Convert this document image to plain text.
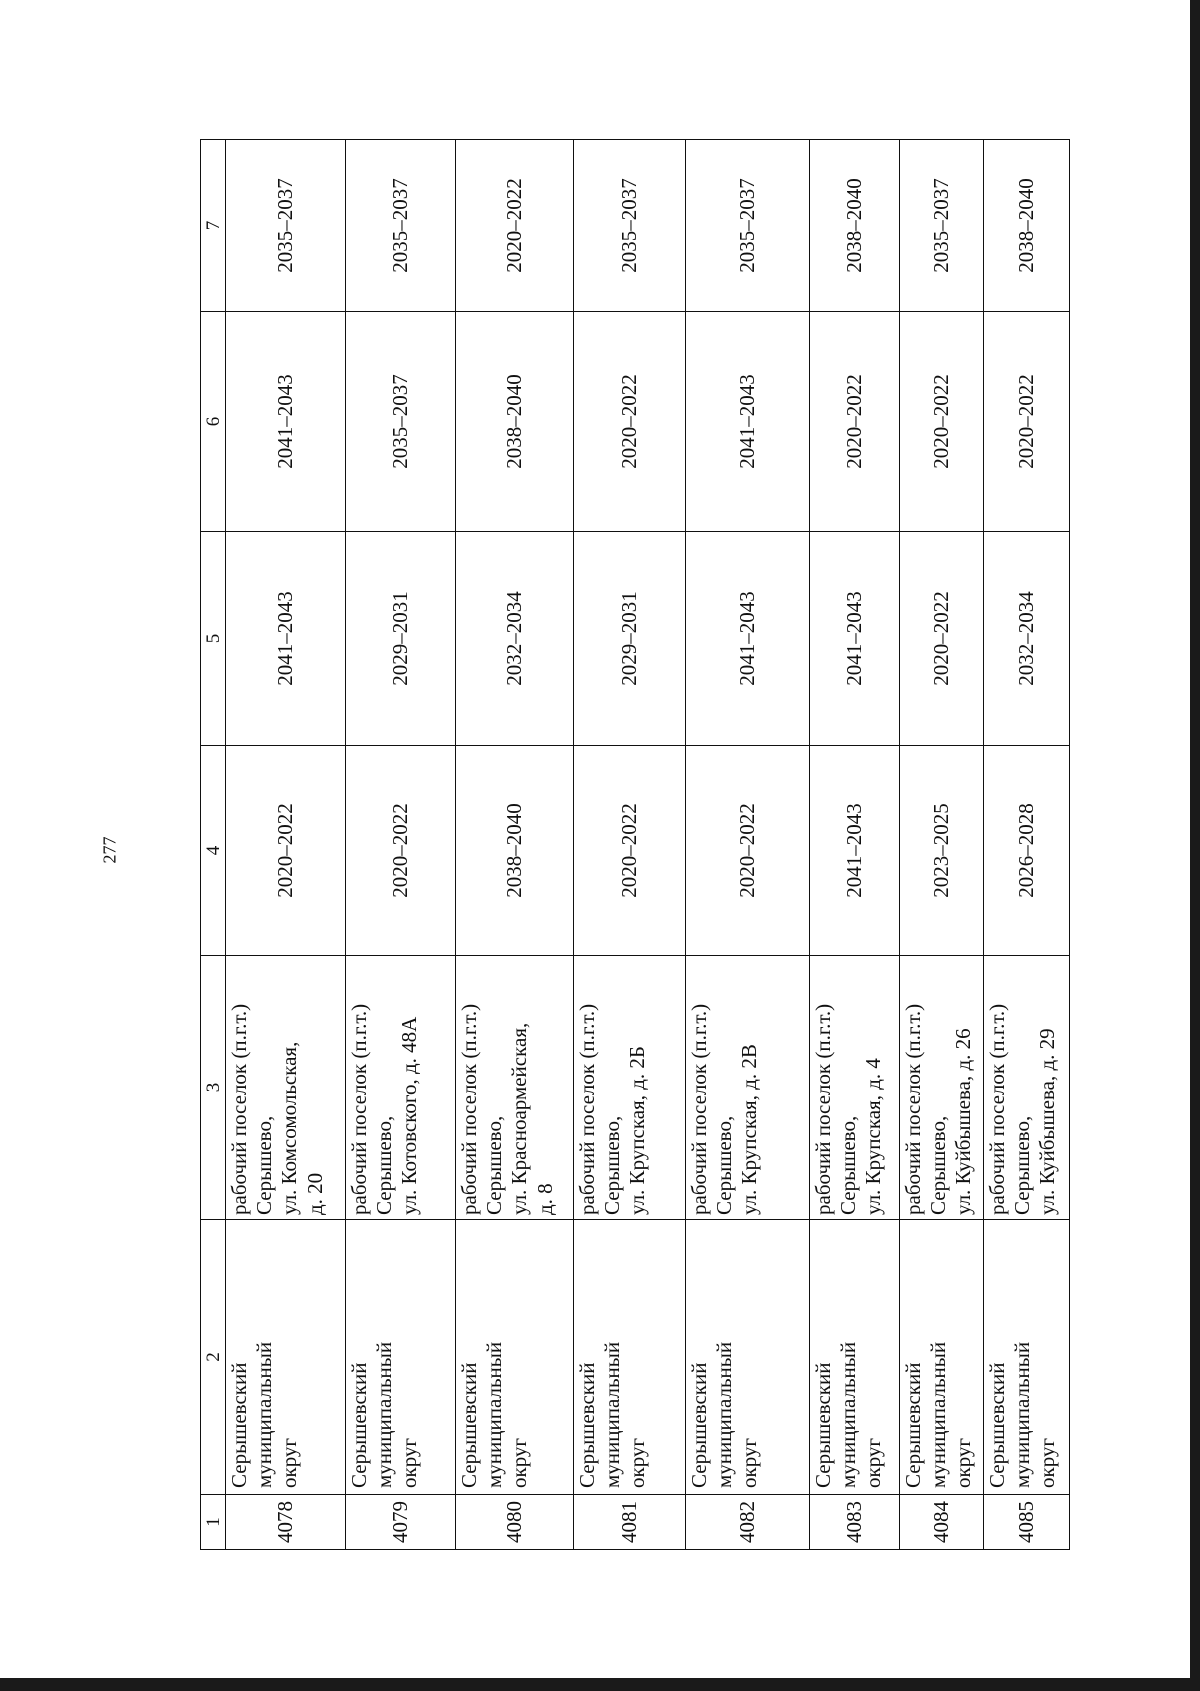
277
1	2	3	4	5	6	7
4078	Серышевский муниципальный округ	рабочий поселок (п.г.т.) Серышево, ул. Комсомольская, д. 20	2020–2022	2041–2043	2041–2043	2035–2037
4079	Серышевский муниципальный округ	рабочий поселок (п.г.т.) Серышево, ул. Котовского, д. 48А	2020–2022	2029–2031	2035–2037	2035–2037
4080	Серышевский муниципальный округ	рабочий поселок (п.г.т.) Серышево, ул. Красноармейская, д. 8	2038–2040	2032–2034	2038–2040	2020–2022
4081	Серышевский муниципальный округ	рабочий поселок (п.г.т.) Серышево, ул. Крупская, д. 2Б	2020–2022	2029–2031	2020–2022	2035–2037
4082	Серышевский муниципальный округ	рабочий поселок (п.г.т.) Серышево, ул. Крупская, д. 2В	2020–2022	2041–2043	2041–2043	2035–2037
4083	Серышевский муниципальный округ	рабочий поселок (п.г.т.) Серышево, ул. Крупская, д. 4	2041–2043	2041–2043	2020–2022	2038–2040
4084	Серышевский муниципальный округ	рабочий поселок (п.г.т.) Серышево, ул. Куйбышева, д. 26	2023–2025	2020–2022	2020–2022	2035–2037
4085	Серышевский муниципальный округ	рабочий поселок (п.г.т.) Серышево, ул. Куйбышева, д. 29	2026–2028	2032–2034	2020–2022	2038–2040
